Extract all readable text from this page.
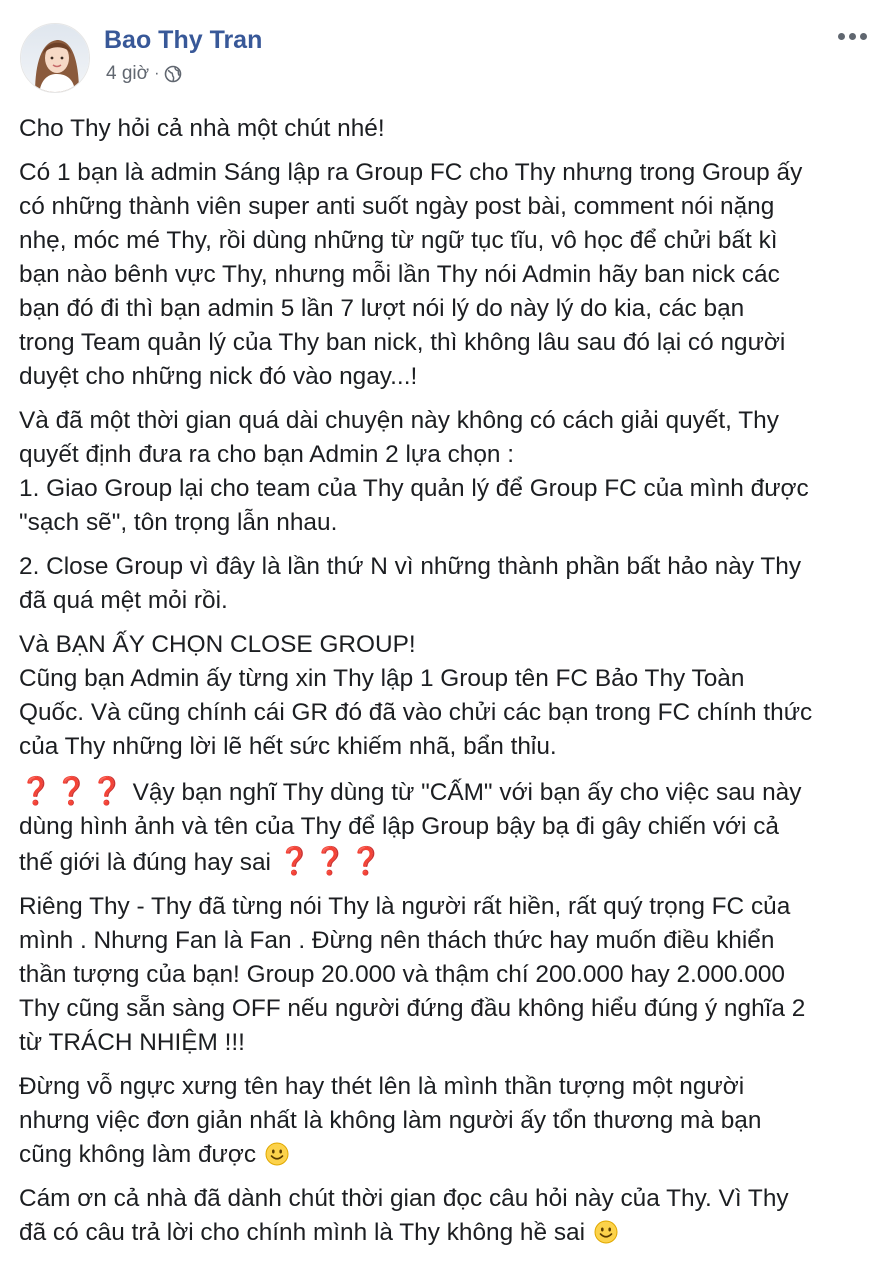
Bao Thy Tran
4 giờ ·

Cho Thy hỏi cả nhà một chút nhé!

Có 1 bạn là admin Sáng lập ra Group FC cho Thy nhưng trong Group ấy
có những thành viên super anti suốt ngày post bài, comment nói nặng
nhẹ, móc mé Thy, rồi dùng những từ ngữ tục tĩu, vô học để chửi bất kì
bạn nào bênh vực Thy, nhưng mỗi lần Thy nói Admin hãy ban nick các
bạn đó đi thì bạn admin 5 lần 7 lượt nói lý do này lý do kia, các bạn
trong Team quản lý của Thy ban nick, thì không lâu sau đó lại có người
duyệt cho những nick đó vào ngay...!

Và đã một thời gian quá dài chuyện này không có cách giải quyết, Thy
quyết định đưa ra cho bạn Admin 2 lựa chọn :
1. Giao Group lại cho team của Thy quản lý để Group FC của mình được
"sạch sẽ", tôn trọng lẫn nhau.

2. Close Group vì đây là lần thứ N vì những thành phần bất hảo này Thy
đã quá mệt mỏi rồi.

Và BẠN ẤY CHỌN CLOSE GROUP!
Cũng bạn Admin ấy từng xin Thy lập 1 Group tên FC Bảo Thy Toàn
Quốc. Và cũng chính cái GR đó đã vào chửi các bạn trong FC chính thức
của Thy những lời lẽ hết sức khiếm nhã, bẩn thỉu.

❓❓❓ Vậy bạn nghĩ Thy dùng từ "CẤM" với bạn ấy cho việc sau này
dùng hình ảnh và tên của Thy để lập Group bậy bạ đi gây chiến với cả
thế giới là đúng hay sai ❓❓❓

Riêng Thy - Thy đã từng nói Thy là người rất hiền, rất quý trọng FC của
mình . Nhưng Fan là Fan . Đừng nên thách thức hay muốn điều khiển
thần tượng của bạn! Group 20.000 và thậm chí 200.000 hay 2.000.000
Thy cũng sẵn sàng OFF nếu người đứng đầu không hiểu đúng ý nghĩa 2
từ TRÁCH NHIỆM !!!

Đừng vỗ ngực xưng tên hay thét lên là mình thần tượng một người
nhưng việc đơn giản nhất là không làm người ấy tổn thương mà bạn
cũng không làm được

Cám ơn cả nhà đã dành chút thời gian đọc câu hỏi này của Thy. Vì Thy
đã có câu trả lời cho chính mình là Thy không hề sai
